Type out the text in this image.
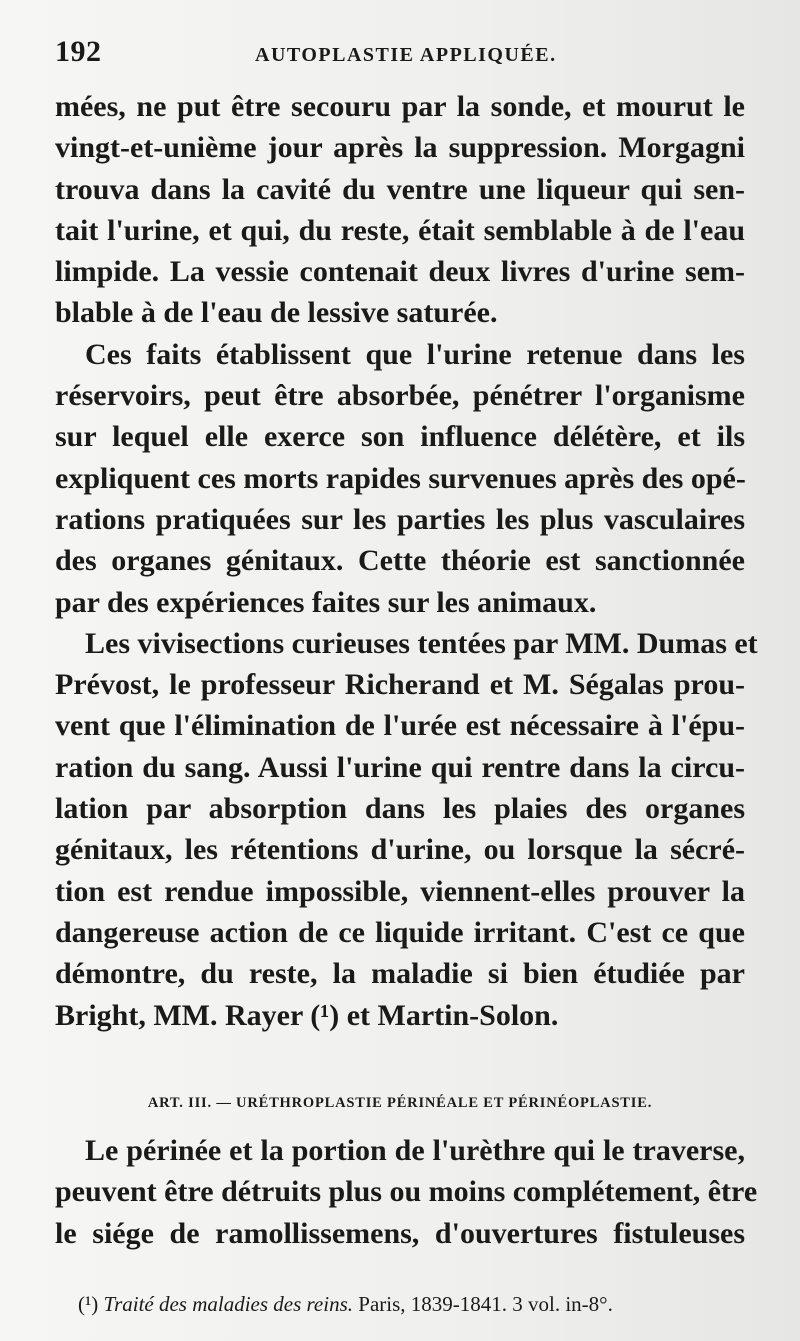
192	AUTOPLASTIE APPLIQUÉE.
mées, ne put être secouru par la sonde, et mourut le
vingt-et-unième jour après la suppression. Morgagni
trouva dans la cavité du ventre une liqueur qui sen-
tait l'urine, et qui, du reste, était semblable à de l'eau
limpide. La vessie contenait deux livres d'urine sem-
blable à de l'eau de lessive saturée.
Ces faits établissent que l'urine retenue dans les
réservoirs, peut être absorbée, pénétrer l'organisme
sur lequel elle exerce son influence délétère, et ils
expliquent ces morts rapides survenues après des opé-
rations pratiquées sur les parties les plus vasculaires
des organes génitaux. Cette théorie est sanctionnée
par des expériences faites sur les animaux.
Les vivisections curieuses tentées par MM. Dumas et
Prévost, le professeur Richerand et M. Ségalas prou-
vent que l'élimination de l'urée est nécessaire à l'épu-
ration du sang. Aussi l'urine qui rentre dans la circu-
lation par absorption dans les plaies des organes
génitaux, les rétentions d'urine, ou lorsque la sécré-
tion est rendue impossible, viennent-elles prouver la
dangereuse action de ce liquide irritant. C'est ce que
démontre, du reste, la maladie si bien étudiée par
Bright, MM. Rayer (¹) et Martin-Solon.
ART. III. — URÉTHROPLASTIE PÉRINÉALE ET PÉRINÉOPLASTIE.
Le périnée et la portion de l'urèthre qui le traverse,
peuvent être détruits plus ou moins complétement, être
le siége de ramollissemens, d'ouvertures fistuleuses
(¹) Traité des maladies des reins. Paris, 1839-1841. 3 vol. in-8°.
